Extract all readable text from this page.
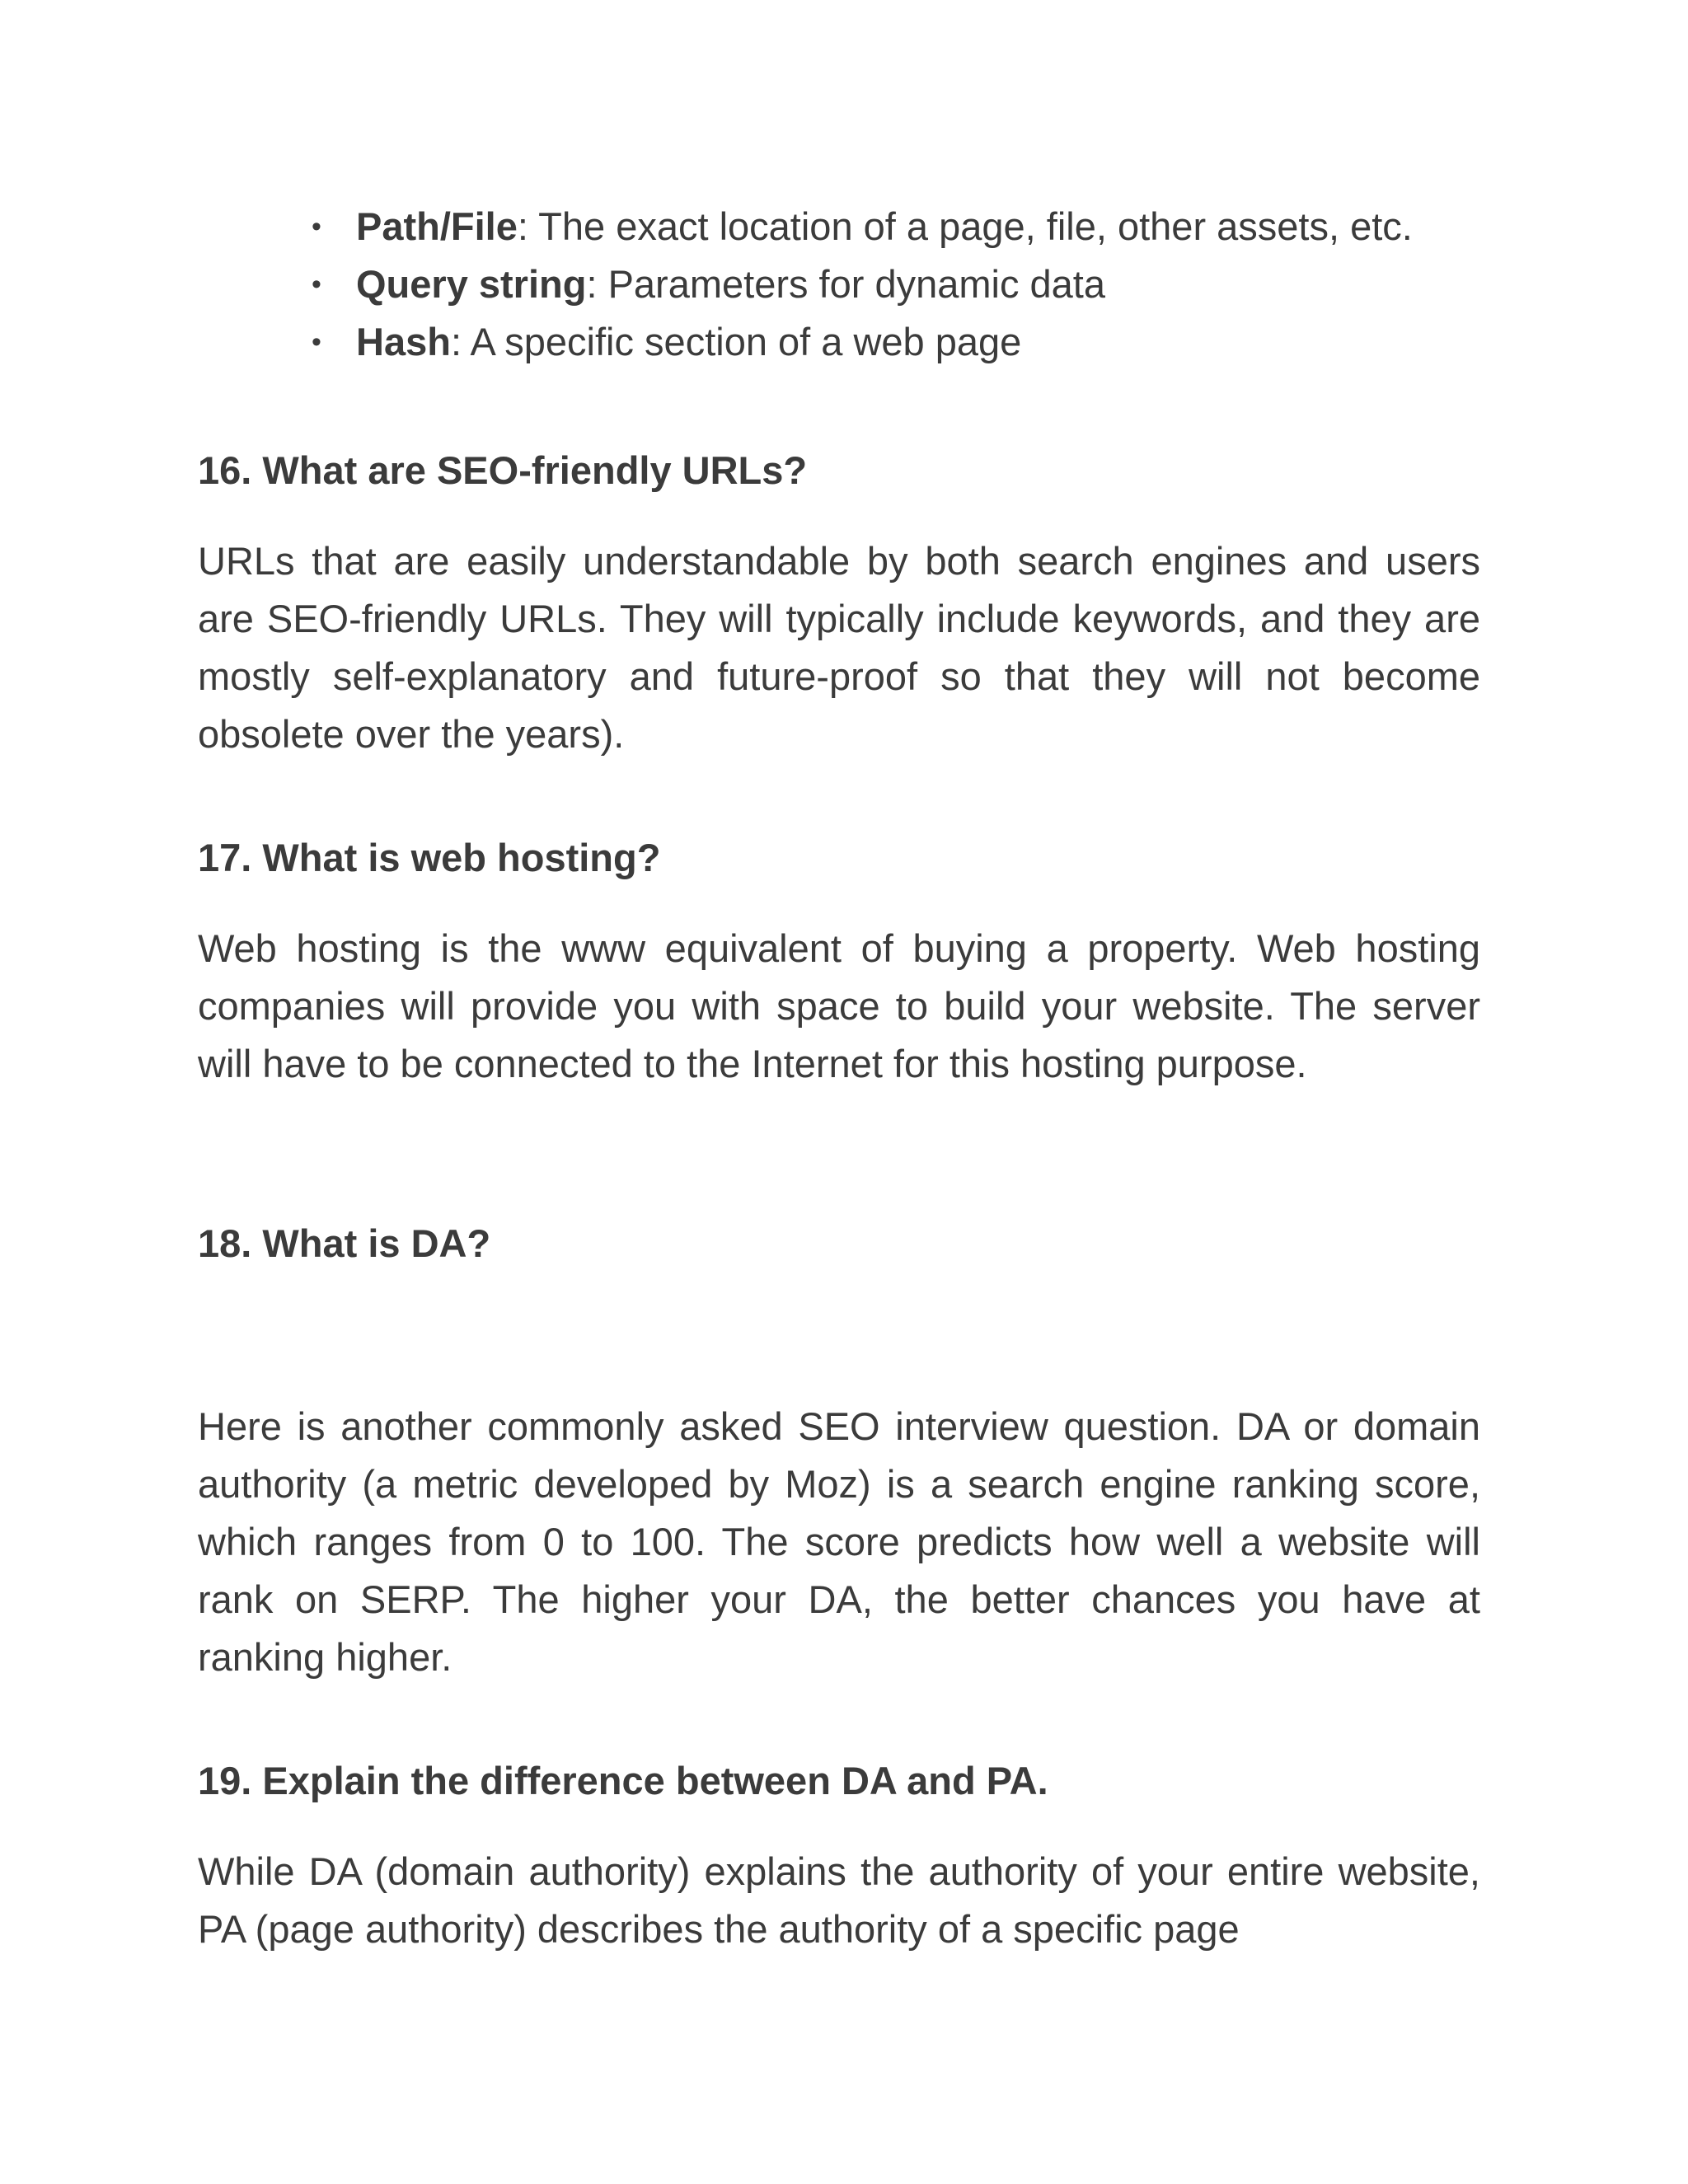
• Path/File: The exact location of a page, file, other assets, etc.
• Query string: Parameters for dynamic data
• Hash: A specific section of a web page
16. What are SEO-friendly URLs?

URLs that are easily understandable by both search engines and users are SEO-friendly URLs. They will typically include keywords, and they are mostly self-explanatory and future-proof so that they will not become obsolete over the years).

17. What is web hosting?

Web hosting is the www equivalent of buying a property. Web hosting companies will provide you with space to build your website. The server will have to be connected to the Internet for this hosting purpose.

18. What is DA?

Here is another commonly asked SEO interview question. DA or domain authority (a metric developed by Moz) is a search engine ranking score, which ranges from 0 to 100. The score predicts how well a website will rank on SERP. The higher your DA, the better chances you have at ranking higher.

19. Explain the difference between DA and PA.

While DA (domain authority) explains the authority of your entire website, PA (page authority) describes the authority of a specific page
